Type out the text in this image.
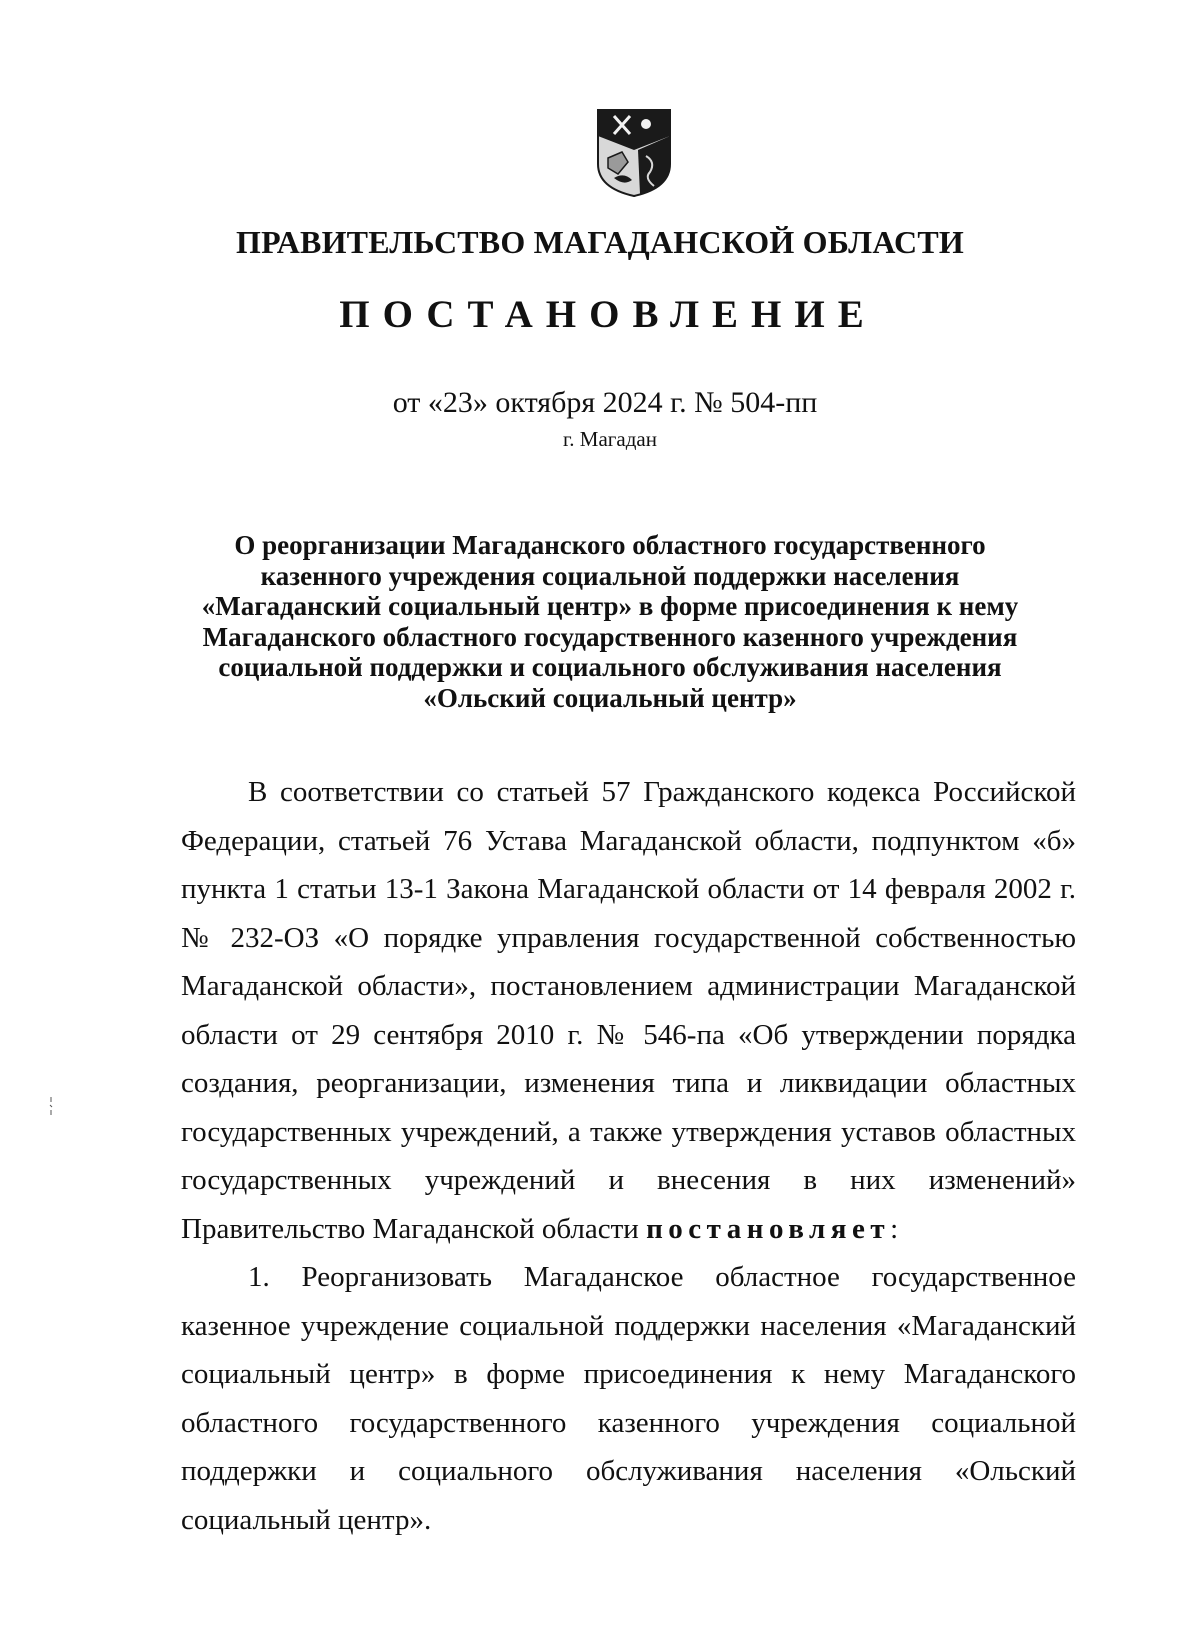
ПРАВИТЕЛЬСТВО МАГАДАНСКОЙ ОБЛАСТИ
ПОСТАНОВЛЕНИЕ
от «23» октября 2024 г. № 504-пп
г. Магадан
О реорганизации Магаданского областного государственного
казенного учреждения социальной поддержки населения
«Магаданский социальный центр» в форме присоединения к нему
Магаданского областного государственного казенного учреждения
социальной поддержки и социального обслуживания населения
«Ольский социальный центр»

В соответствии со статьей 57 Гражданского кодекса Российской Федерации, статьей 76 Устава Магаданской области, подпунктом «б» пункта 1 статьи 13-1 Закона Магаданской области от 14 февраля 2002 г. № 232-ОЗ «О порядке управления государственной собственностью Магаданской области», постановлением администрации Магаданской области от 29 сентября 2010 г. № 546-па «Об утверждении порядка создания, реорганизации, изменения типа и ликвидации областных государственных учреждений, а также утверждения уставов областных государственных учреждений и внесения в них изменений» Правительство Магаданской области постановляет:

1. Реорганизовать Магаданское областное государственное казенное учреждение социальной поддержки населения «Магаданский социальный центр» в форме присоединения к нему Магаданского областного государственного казенного учреждения социальной поддержки и социального обслуживания населения «Ольский социальный центр».
